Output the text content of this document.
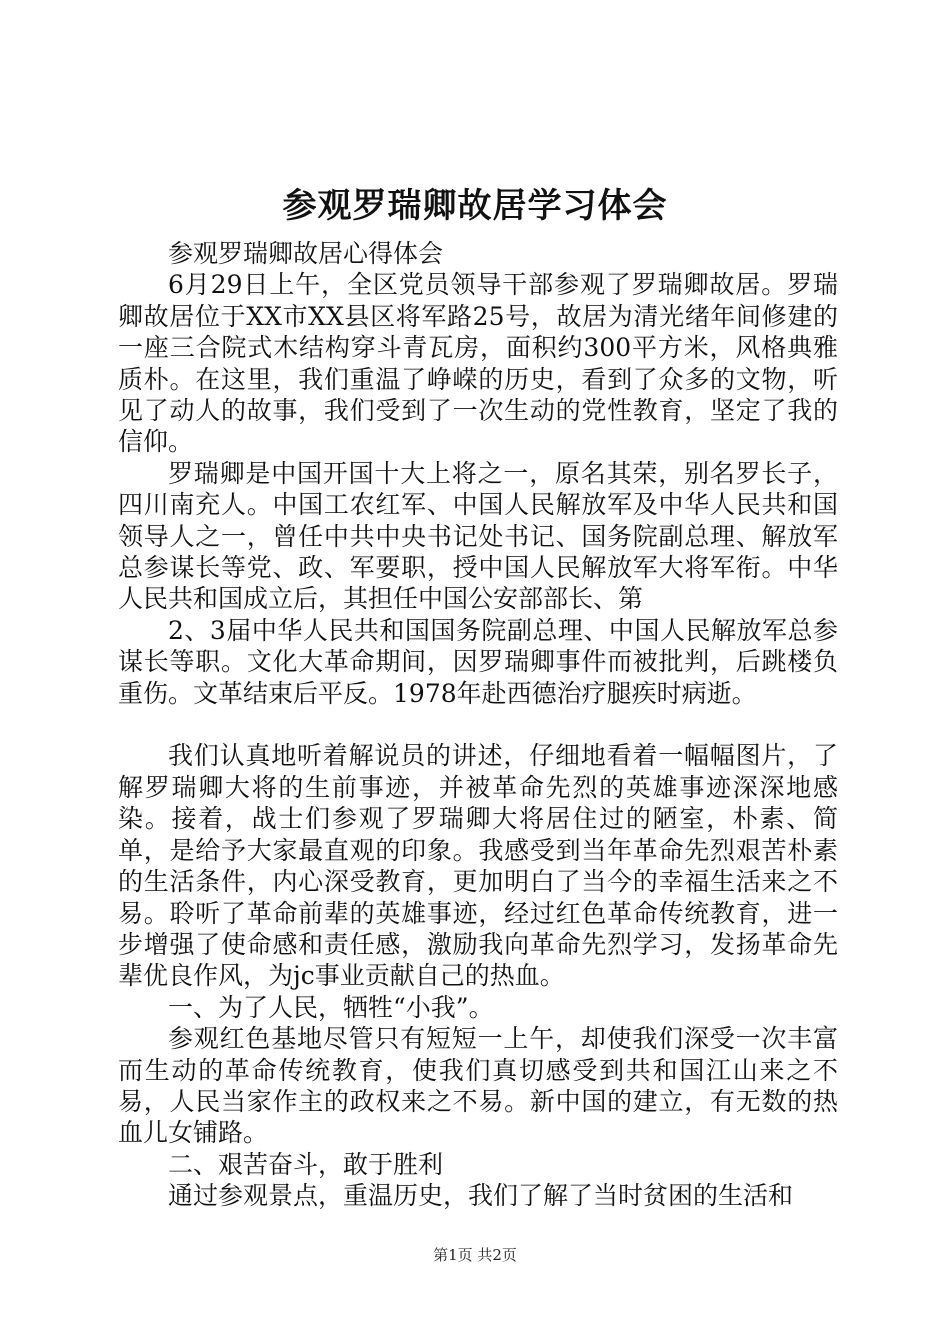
参观罗瑞卿故居学习体会

参观罗瑞卿故居心得体会

6月29日上午，全区党员领导干部参观了罗瑞卿故居。罗瑞卿故居位于XX市XX县区将军路25号，故居为清光绪年间修建的一座三合院式木结构穿斗青瓦房，面积约300平方米，风格典雅质朴。在这里，我们重温了峥嵘的历史，看到了众多的文物，听见了动人的故事，我们受到了一次生动的党性教育，坚定了我的信仰。

罗瑞卿是中国开国十大上将之一，原名其荣，别名罗长子，四川南充人。中国工农红军、中国人民解放军及中华人民共和国领导人之一，曾任中共中央书记处书记、国务院副总理、解放军总参谋长等党、政、军要职，授中国人民解放军大将军衔。中华人民共和国成立后，其担任中国公安部部长、第

2、3届中华人民共和国国务院副总理、中国人民解放军总参谋长等职。文化大革命期间，因罗瑞卿事件而被批判，后跳楼负重伤。文革结束后平反。1978年赴西德治疗腿疾时病逝。

我们认真地听着解说员的讲述，仔细地看着一幅幅图片，了解罗瑞卿大将的生前事迹，并被革命先烈的英雄事迹深深地感染。接着，战士们参观了罗瑞卿大将居住过的陋室，朴素、简单，是给予大家最直观的印象。我感受到当年革命先烈艰苦朴素的生活条件，内心深受教育，更加明白了当今的幸福生活来之不易。聆听了革命前辈的英雄事迹，经过红色革命传统教育，进一步增强了使命感和责任感，激励我向革命先烈学习，发扬革命先辈优良作风，为jc事业贡献自己的热血。

一、为了人民，牺牲“小我”。

参观红色基地尽管只有短短一上午，却使我们深受一次丰富而生动的革命传统教育，使我们真切感受到共和国江山来之不易，人民当家作主的政权来之不易。新中国的建立，有无数的热血儿女铺路。

二、艰苦奋斗，敢于胜利

通过参观景点，重温历史，我们了解了当时贫困的生活和

第1页 共2页
